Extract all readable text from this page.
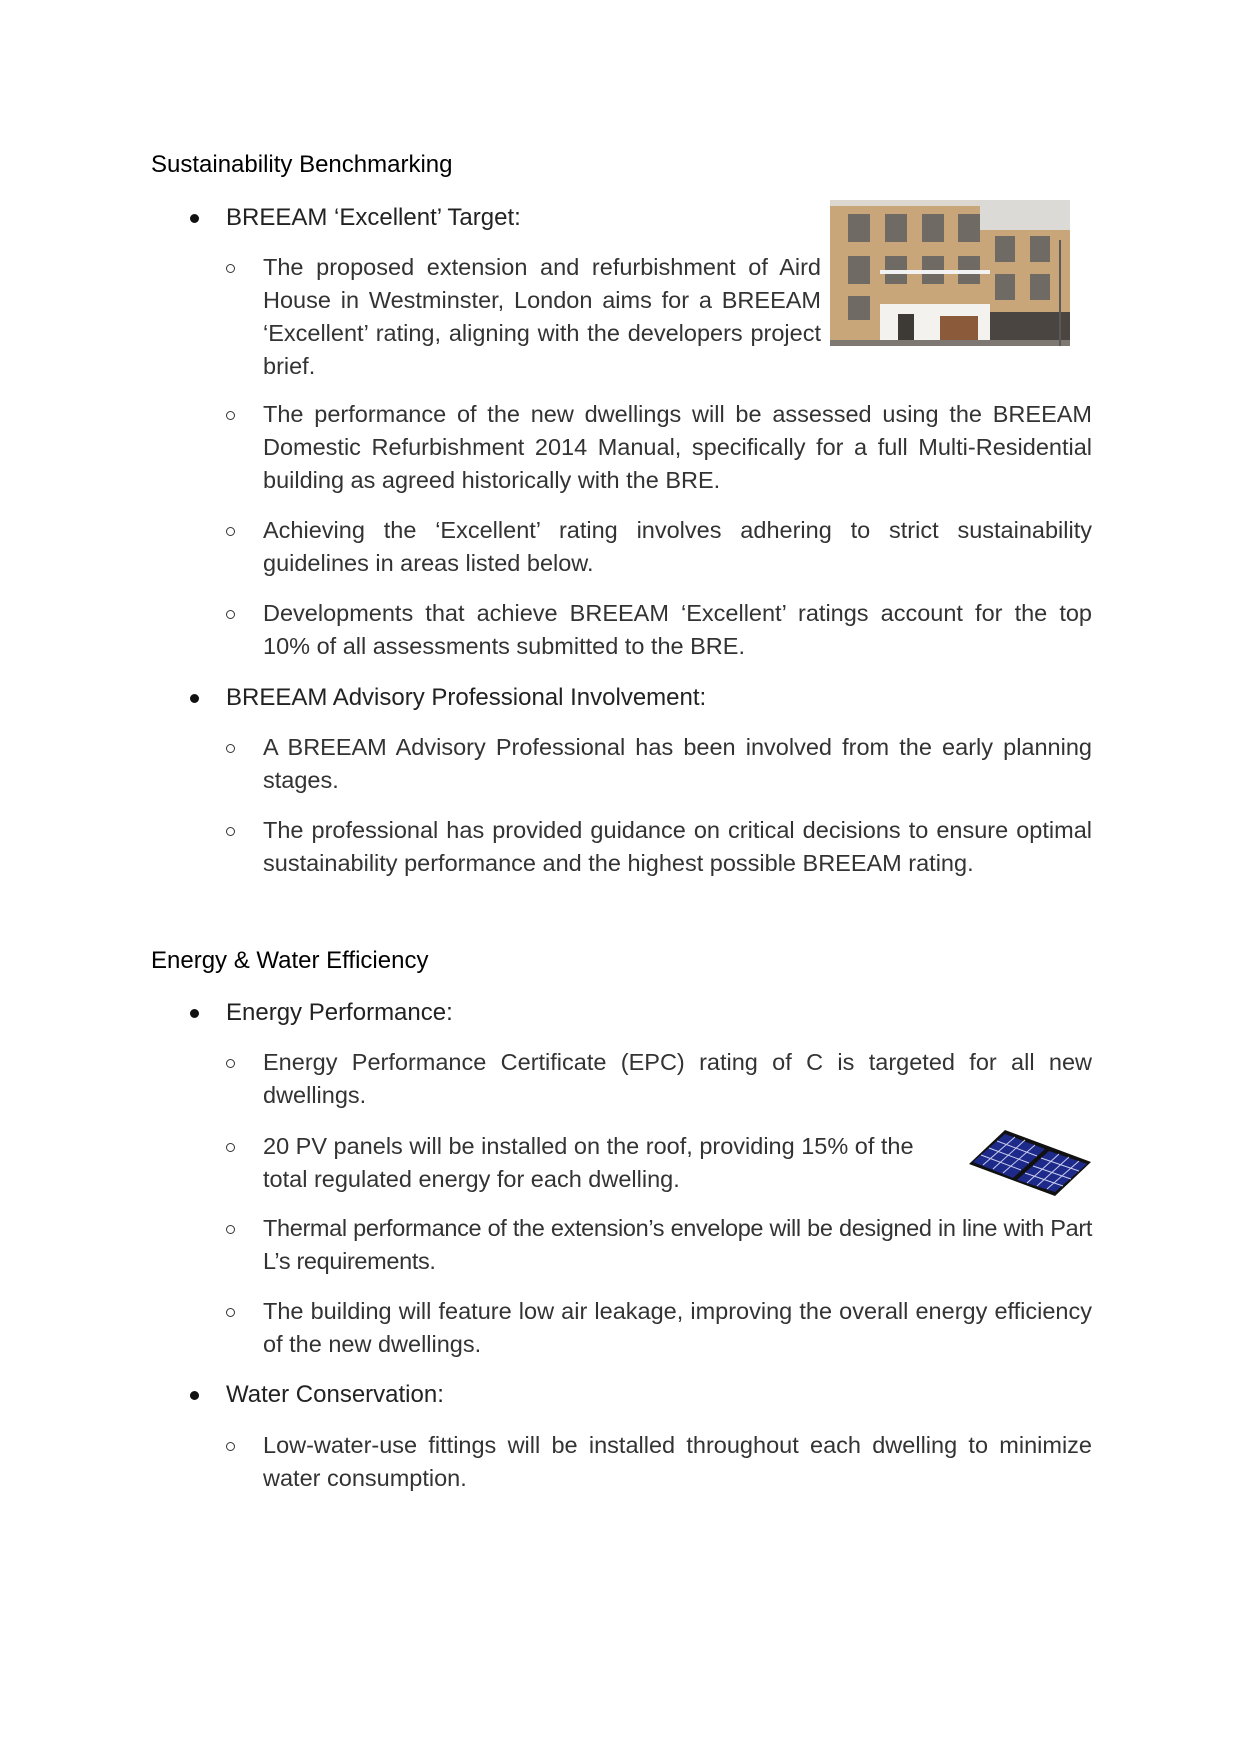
Sustainability Benchmarking
BREEAM ‘Excellent’ Target:
The proposed extension and refurbishment of Aird House in Westminster, London aims for a BREEAM ‘Excellent’ rating, aligning with the developers project brief.
The performance of the new dwellings will be assessed using the BREEAM Domestic Refurbishment 2014 Manual, specifically for a full Multi-Residential building as agreed historically with the BRE.
Achieving the ‘Excellent’ rating involves adhering to strict sustainability guidelines in areas listed below.
Developments that achieve BREEAM ‘Excellent’ ratings account for the top 10% of all assessments submitted to the BRE.
BREEAM Advisory Professional Involvement:
A BREEAM Advisory Professional has been involved from the early planning stages.
The professional has provided guidance on critical decisions to ensure optimal sustainability performance and the highest possible BREEAM rating.
Energy & Water Efficiency
Energy Performance:
Energy Performance Certificate (EPC) rating of C is targeted for all new dwellings.
20 PV panels will be installed on the roof, providing 15% of the total regulated energy for each dwelling.
Thermal performance of the extension’s envelope will be designed in line with Part L’s requirements.
The building will feature low air leakage, improving the overall energy efficiency of the new dwellings.
Water Conservation:
Low-water-use fittings will be installed throughout each dwelling to minimize water consumption.
